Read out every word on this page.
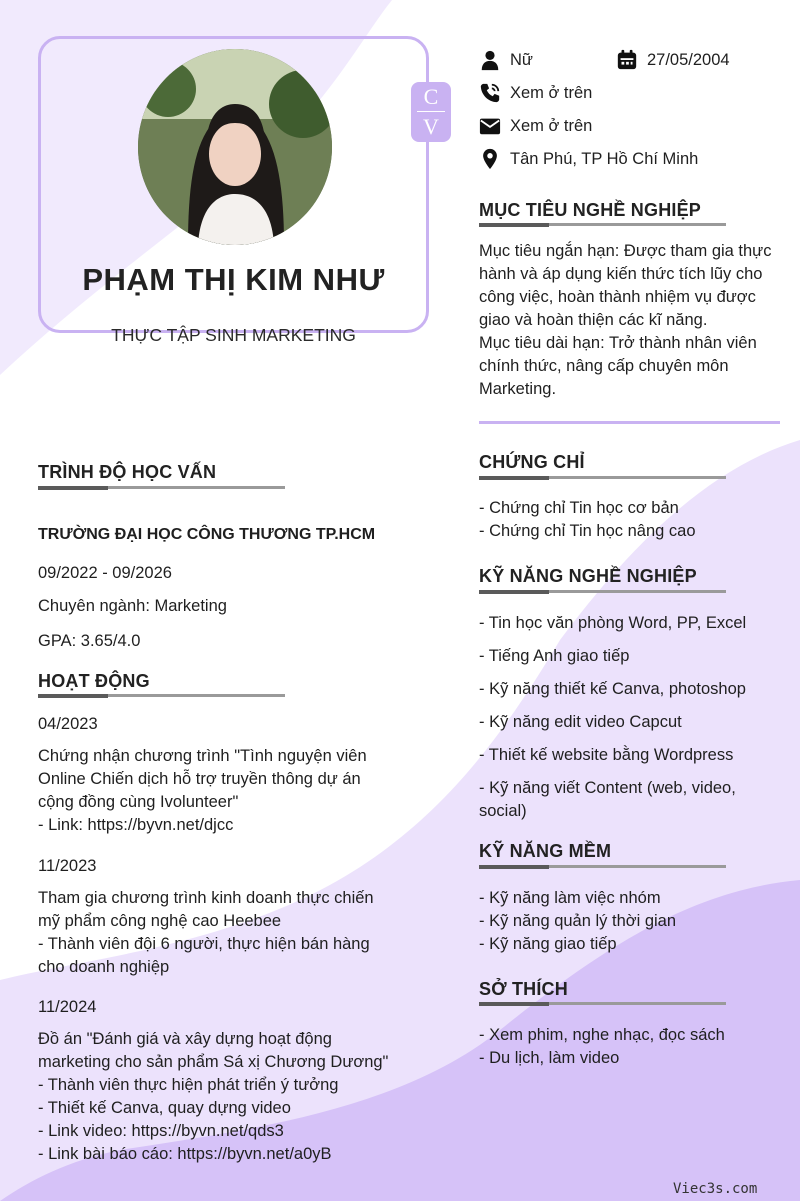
PHẠM THỊ KIM NHƯ
THỰC TẬP SINH MARKETING
C
V
Nữ	27/05/2004
Xem ở trên
Xem ở trên
Tân Phú, TP Hồ Chí Minh
MỤC TIÊU NGHỀ NGHIỆP
Mục tiêu ngắn hạn: Được tham gia thực
hành và áp dụng kiến thức tích lũy cho
công việc, hoàn thành nhiệm vụ được
giao và hoàn thiện các kĩ năng.
Mục tiêu dài hạn: Trở thành nhân viên
chính thức, nâng cấp chuyên môn
Marketing.
TRÌNH ĐỘ HỌC VẤN
TRƯỜNG ĐẠI HỌC CÔNG THƯƠNG TP.HCM
09/2022 - 09/2026
Chuyên ngành: Marketing
GPA: 3.65/4.0
HOẠT ĐỘNG
04/2023
Chứng nhận chương trình "Tình nguyện viên
Online Chiến dịch hỗ trợ truyền thông dự án
cộng đồng cùng Ivolunteer"
- Link: https://byvn.net/djcc
11/2023
Tham gia chương trình kinh doanh thực chiến
mỹ phẩm công nghệ cao Heebee
- Thành viên đội 6 người, thực hiện bán hàng
cho doanh nghiệp
11/2024
Đồ án "Đánh giá và xây dựng hoạt động
marketing cho sản phẩm Sá xị Chương Dương"
- Thành viên thực hiện phát triển ý tưởng
- Thiết kế Canva, quay dựng video
- Link video: https://byvn.net/qds3
- Link bài báo cáo: https://byvn.net/a0yB
CHỨNG CHỈ
- Chứng chỉ Tin học cơ bản
- Chứng chỉ Tin học nâng cao
KỸ NĂNG NGHỀ NGHIỆP
- Tin học văn phòng Word, PP, Excel
- Tiếng Anh giao tiếp
- Kỹ năng thiết kế Canva, photoshop
- Kỹ năng edit video Capcut
- Thiết kế website bằng Wordpress
- Kỹ năng viết Content (web, video,
social)
KỸ NĂNG MỀM
- Kỹ năng làm việc nhóm
- Kỹ năng quản lý thời gian
- Kỹ năng giao tiếp
SỞ THÍCH
- Xem phim, nghe nhạc, đọc sách
- Du lịch, làm video
Viec3s.com
